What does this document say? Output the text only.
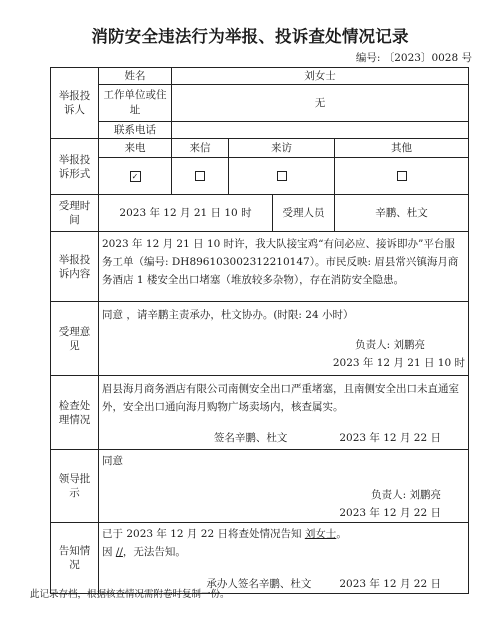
消防安全违法行为举报、投诉查处情况记录
编号: 〔2023〕0028 号
举报投诉人	姓名	刘女士			
	工作单位或住址	无			
	联系电话				
举报投诉形式	来电	来信	来访		其他
	✓				
受理时间	2023 年 12 月 21 日 10 时			受理人员	辛鹏、杜文
举报投诉内容	2023 年 12 月 21 日 10 时许，我大队接宝鸡“有问必应、接诉即办”平台服务工单（编号: DH896103002312210147）。市民反映: 眉县常兴镇海月商务酒店 1 楼安全出口堵塞（堆放较多杂物），存在消防安全隐患。				

受理意见	同意 ，请辛鹏主责承办，杜文协办。(时限: 24 小时）
负责人: 刘鹏亮
2023 年 12 月 21 日 10 时				

检查处理情况	眉县海月商务酒店有限公司南侧安全出口严重堵塞，且南侧安全出口未直通室外，安全出口通向海月购物广场卖场内，核查属实。
签名辛鹏、杜文 2023 年 12 月 22 日				

领导批示	同意
负责人: 刘鹏亮
2023 年 12 月 22 日				

告知情况	已于 2023 年 12 月 22 日将查处情况告知 刘女士。
因 //，无法告知。
承办人签名辛鹏、杜文 2023 年 12 月 22 日				
此记录存档，根据核查情况需附卷时复制一份。
